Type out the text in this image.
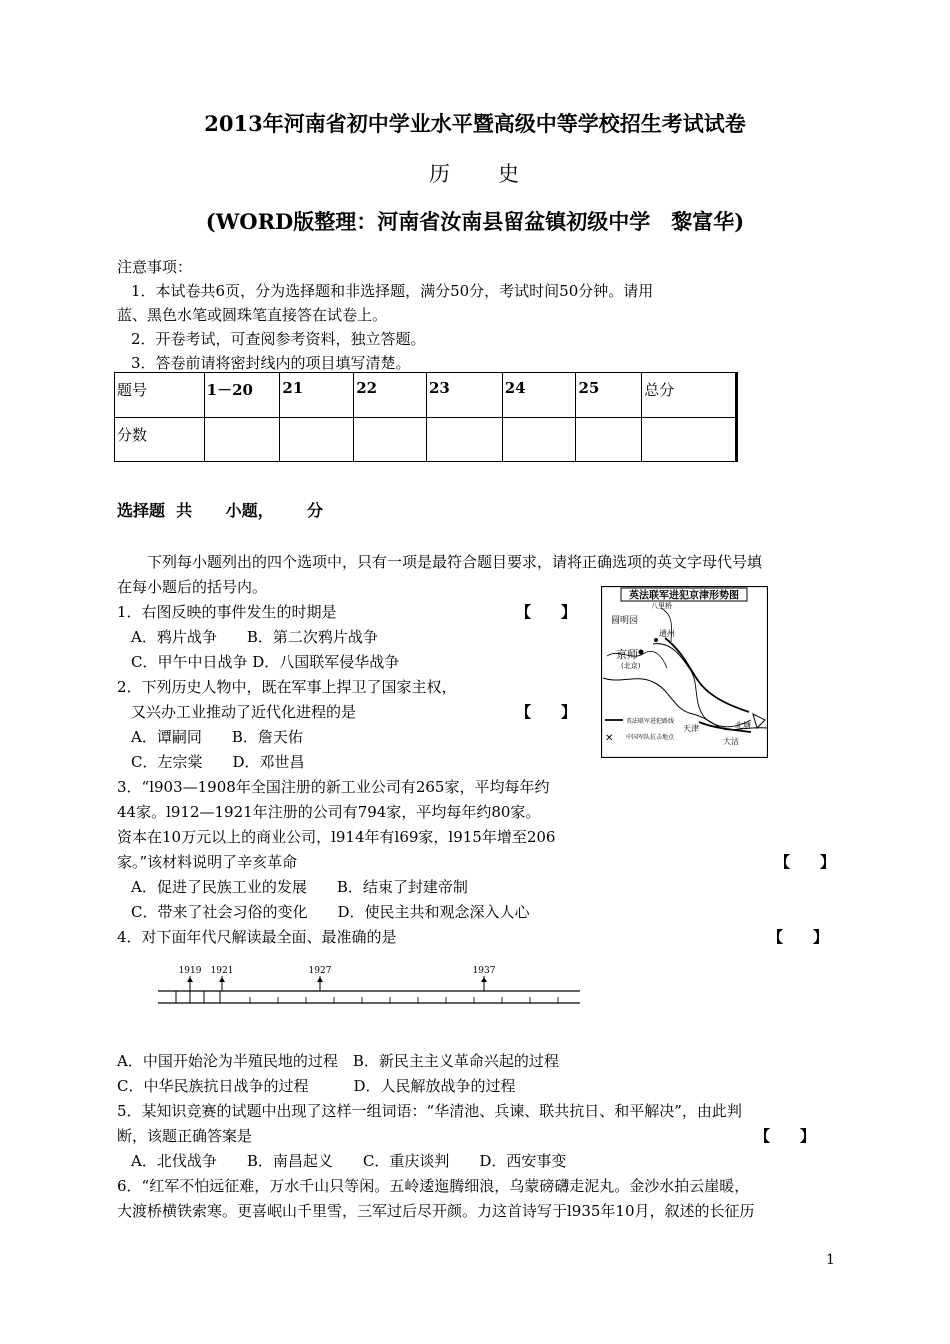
2013年河南省初中学业水平暨高级中等学校招生考试试卷
历　　史
(WORD版整理：河南省汝南县留盆镇初级中学　黎富华)
注意事项：
1．本试卷共6页，分为选择题和非选择题，满分50分，考试时间50分钟。请用
蓝、黑色水笔或圆珠笔直接答在试卷上。
2．开卷考试，可查阅参考资料，独立答题。
3．答卷前请将密封线内的项目填写清楚。
题号	1－20	21	22	23	24	25	总分
分数							
选择题  共      小题，      分
下列每小题列出的四个选项中，只有一项是最符合题目要求，请将正确选项的英文字母代号填
在每小题后的括号内。
1．右图反映的事件发生的时期是	【　　】
A．鸦片战争　　B．第二次鸦片战争
C．甲午中日战争 D．八国联军侵华战争
英法联军进犯京津形势图
圆明园
京师
(北京)
通州
八里桥
天津	北塘
大沽
英法联军进犯路线
✕ 中国军队抗击地点
2．下列历史人物中，既在军事上捍卫了国家主权，
又兴办工业推动了近代化进程的是	【　　】
A．谭嗣同　　B．詹天佑
C．左宗棠　　D．邓世昌
3．“l903—1908年全国注册的新工业公司有265家，平均每年约
44家。l912—1921年注册的公司有794家，平均每年约80家。
资本在10万元以上的商业公司，l914年有l69家，l915年增至206
家。”该材料说明了辛亥革命	【　　】
A．促进了民族工业的发展　　B．结束了封建帝制
C．带来了社会习俗的变化　　D．使民主共和观念深入人心
4．对下面年代尺解读最全面、最准确的是	【　　】
1919 1921	1927	1937
A．中国开始沦为半殖民地的过程　B．新民主主义革命兴起的过程
C．中华民族抗日战争的过程　　　D．人民解放战争的过程
5．某知识竞赛的试题中出现了这样一组词语：“华清池、兵谏、联共抗日、和平解决”，由此判
断，该题正确答案是	【　　】
A．北伐战争　　B．南昌起义　　C．重庆谈判　　D．西安事变
6．“红军不怕远征难，万水千山只等闲。五岭逶迤腾细浪，乌蒙磅礴走泥丸。金沙水拍云崖暖，
大渡桥横铁索寒。更喜岷山千里雪，三军过后尽开颜。力这首诗写于l935年10月，叙述的长征历
1
